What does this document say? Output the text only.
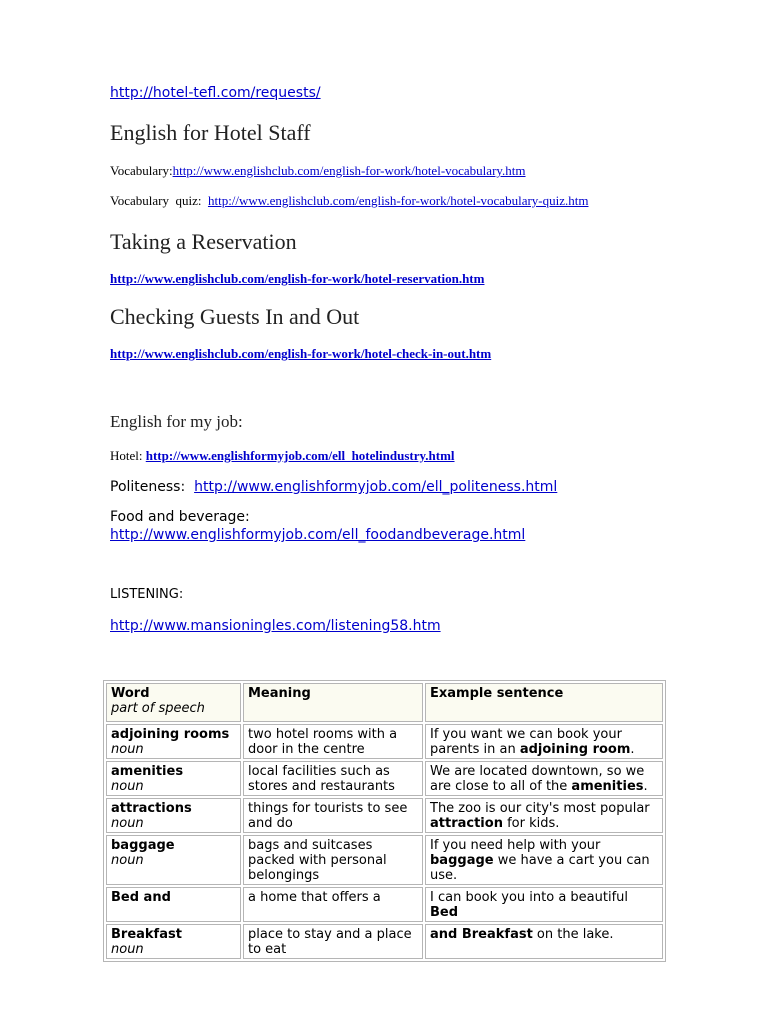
http://hotel-tefl.com/requests/
English for Hotel Staff
Vocabulary:http://www.englishclub.com/english-for-work/hotel-vocabulary.htm
Vocabulary  quiz: http://www.englishclub.com/english-for-work/hotel-vocabulary-quiz.htm
Taking a Reservation
http://www.englishclub.com/english-for-work/hotel-reservation.htm
Checking Guests In and Out
http://www.englishclub.com/english-for-work/hotel-check-in-out.htm
English for my job:
Hotel: http://www.englishformyjob.com/ell_hotelindustry.html
Politeness: http://www.englishformyjob.com/ell_politeness.html
Food and beverage:
http://www.englishformyjob.com/ell_foodandbeverage.html
LISTENING:
http://www.mansioningles.com/listening58.htm
Word
part of speech	Meaning	Example sentence

adjoining rooms
noun	two hotel rooms with a door in the centre	If you want we can book your parents in an adjoining room.

amenities
noun	local facilities such as stores and restaurants	We are located downtown, so we are close to all of the amenities.

attractions
noun	things for tourists to see and do	The zoo is our city's most popular attraction for kids.

baggage
noun	bags and suitcases packed with personal belongings	If you need help with your baggage we have a cart you can use.

Bed and	a home that offers a	I can book you into a beautiful Bed

Breakfast
noun	place to stay and a place to eat	and Breakfast on the lake.
